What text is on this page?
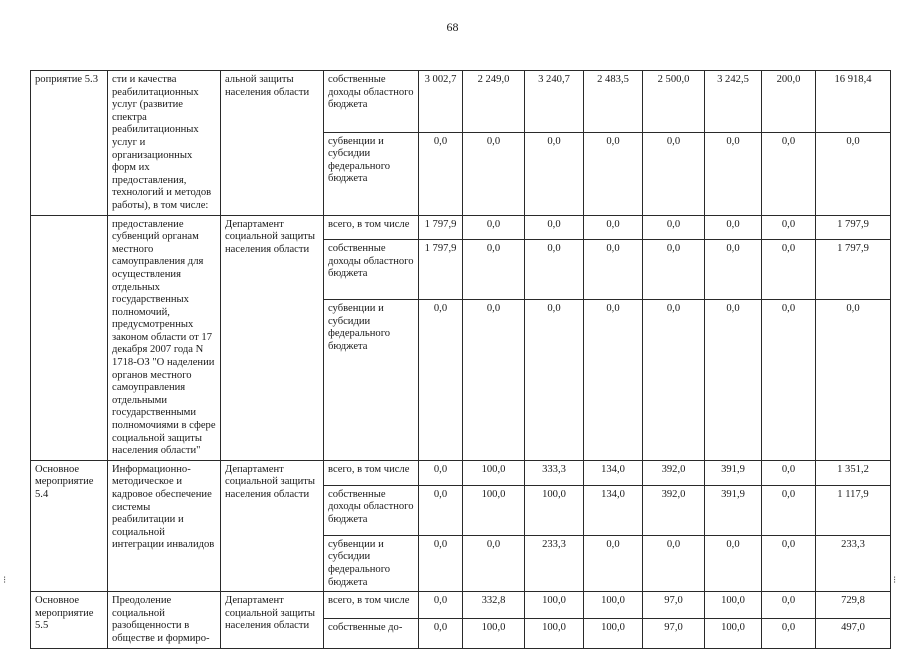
68
роприятие 5.3	сти и качества реабилитационных услуг (развитие спектра реабилитационных услуг и организационных форм их предоставления, технологий и методов работы), в том числе:	альной защиты населения области	собственные доходы областного бюджета	3 002,7	2 249,0	3 240,7	2 483,5	2 500,0	3 242,5	200,0	16 918,4
			субвенции и субсидии федерального бюджета	0,0	0,0	0,0	0,0	0,0	0,0	0,0	0,0
	предоставление субвенций органам местного самоуправления для осуществления отдельных государственных полномочий, предусмотренных законом области от 17 декабря 2007 года N 1718-ОЗ "О наделении органов местного самоуправления отдельными государственными полномочиями в сфере социальной защиты населения области"	Департамент социальной защиты населения области	всего, в том числе	1 797,9	0,0	0,0	0,0	0,0	0,0	0,0	1 797,9
			собственные доходы областного бюджета	1 797,9	0,0	0,0	0,0	0,0	0,0	0,0	1 797,9
			субвенции и субсидии федерального бюджета	0,0	0,0	0,0	0,0	0,0	0,0	0,0	0,0
Основное мероприятие 5.4	Информационно-методическое и кадровое обеспечение системы реабилитации и социальной интеграции инвалидов	Департамент социальной защиты населения области	всего, в том числе	0,0	100,0	333,3	134,0	392,0	391,9	0,0	1 351,2
			собственные доходы областного бюджета	0,0	100,0	100,0	134,0	392,0	391,9	0,0	1 117,9
			субвенции и субсидии федерального бюджета	0,0	0,0	233,3	0,0	0,0	0,0	0,0	233,3
Основное мероприятие 5.5	Преодоление социальной разобщенности в обществе и формиро-	Департамент социальной защиты населения области	всего, в том числе	0,0	332,8	100,0	100,0	97,0	100,0	0,0	729,8
			собственные до-	0,0	100,0	100,0	100,0	97,0	100,0	0,0	497,0
⁝	⁝
